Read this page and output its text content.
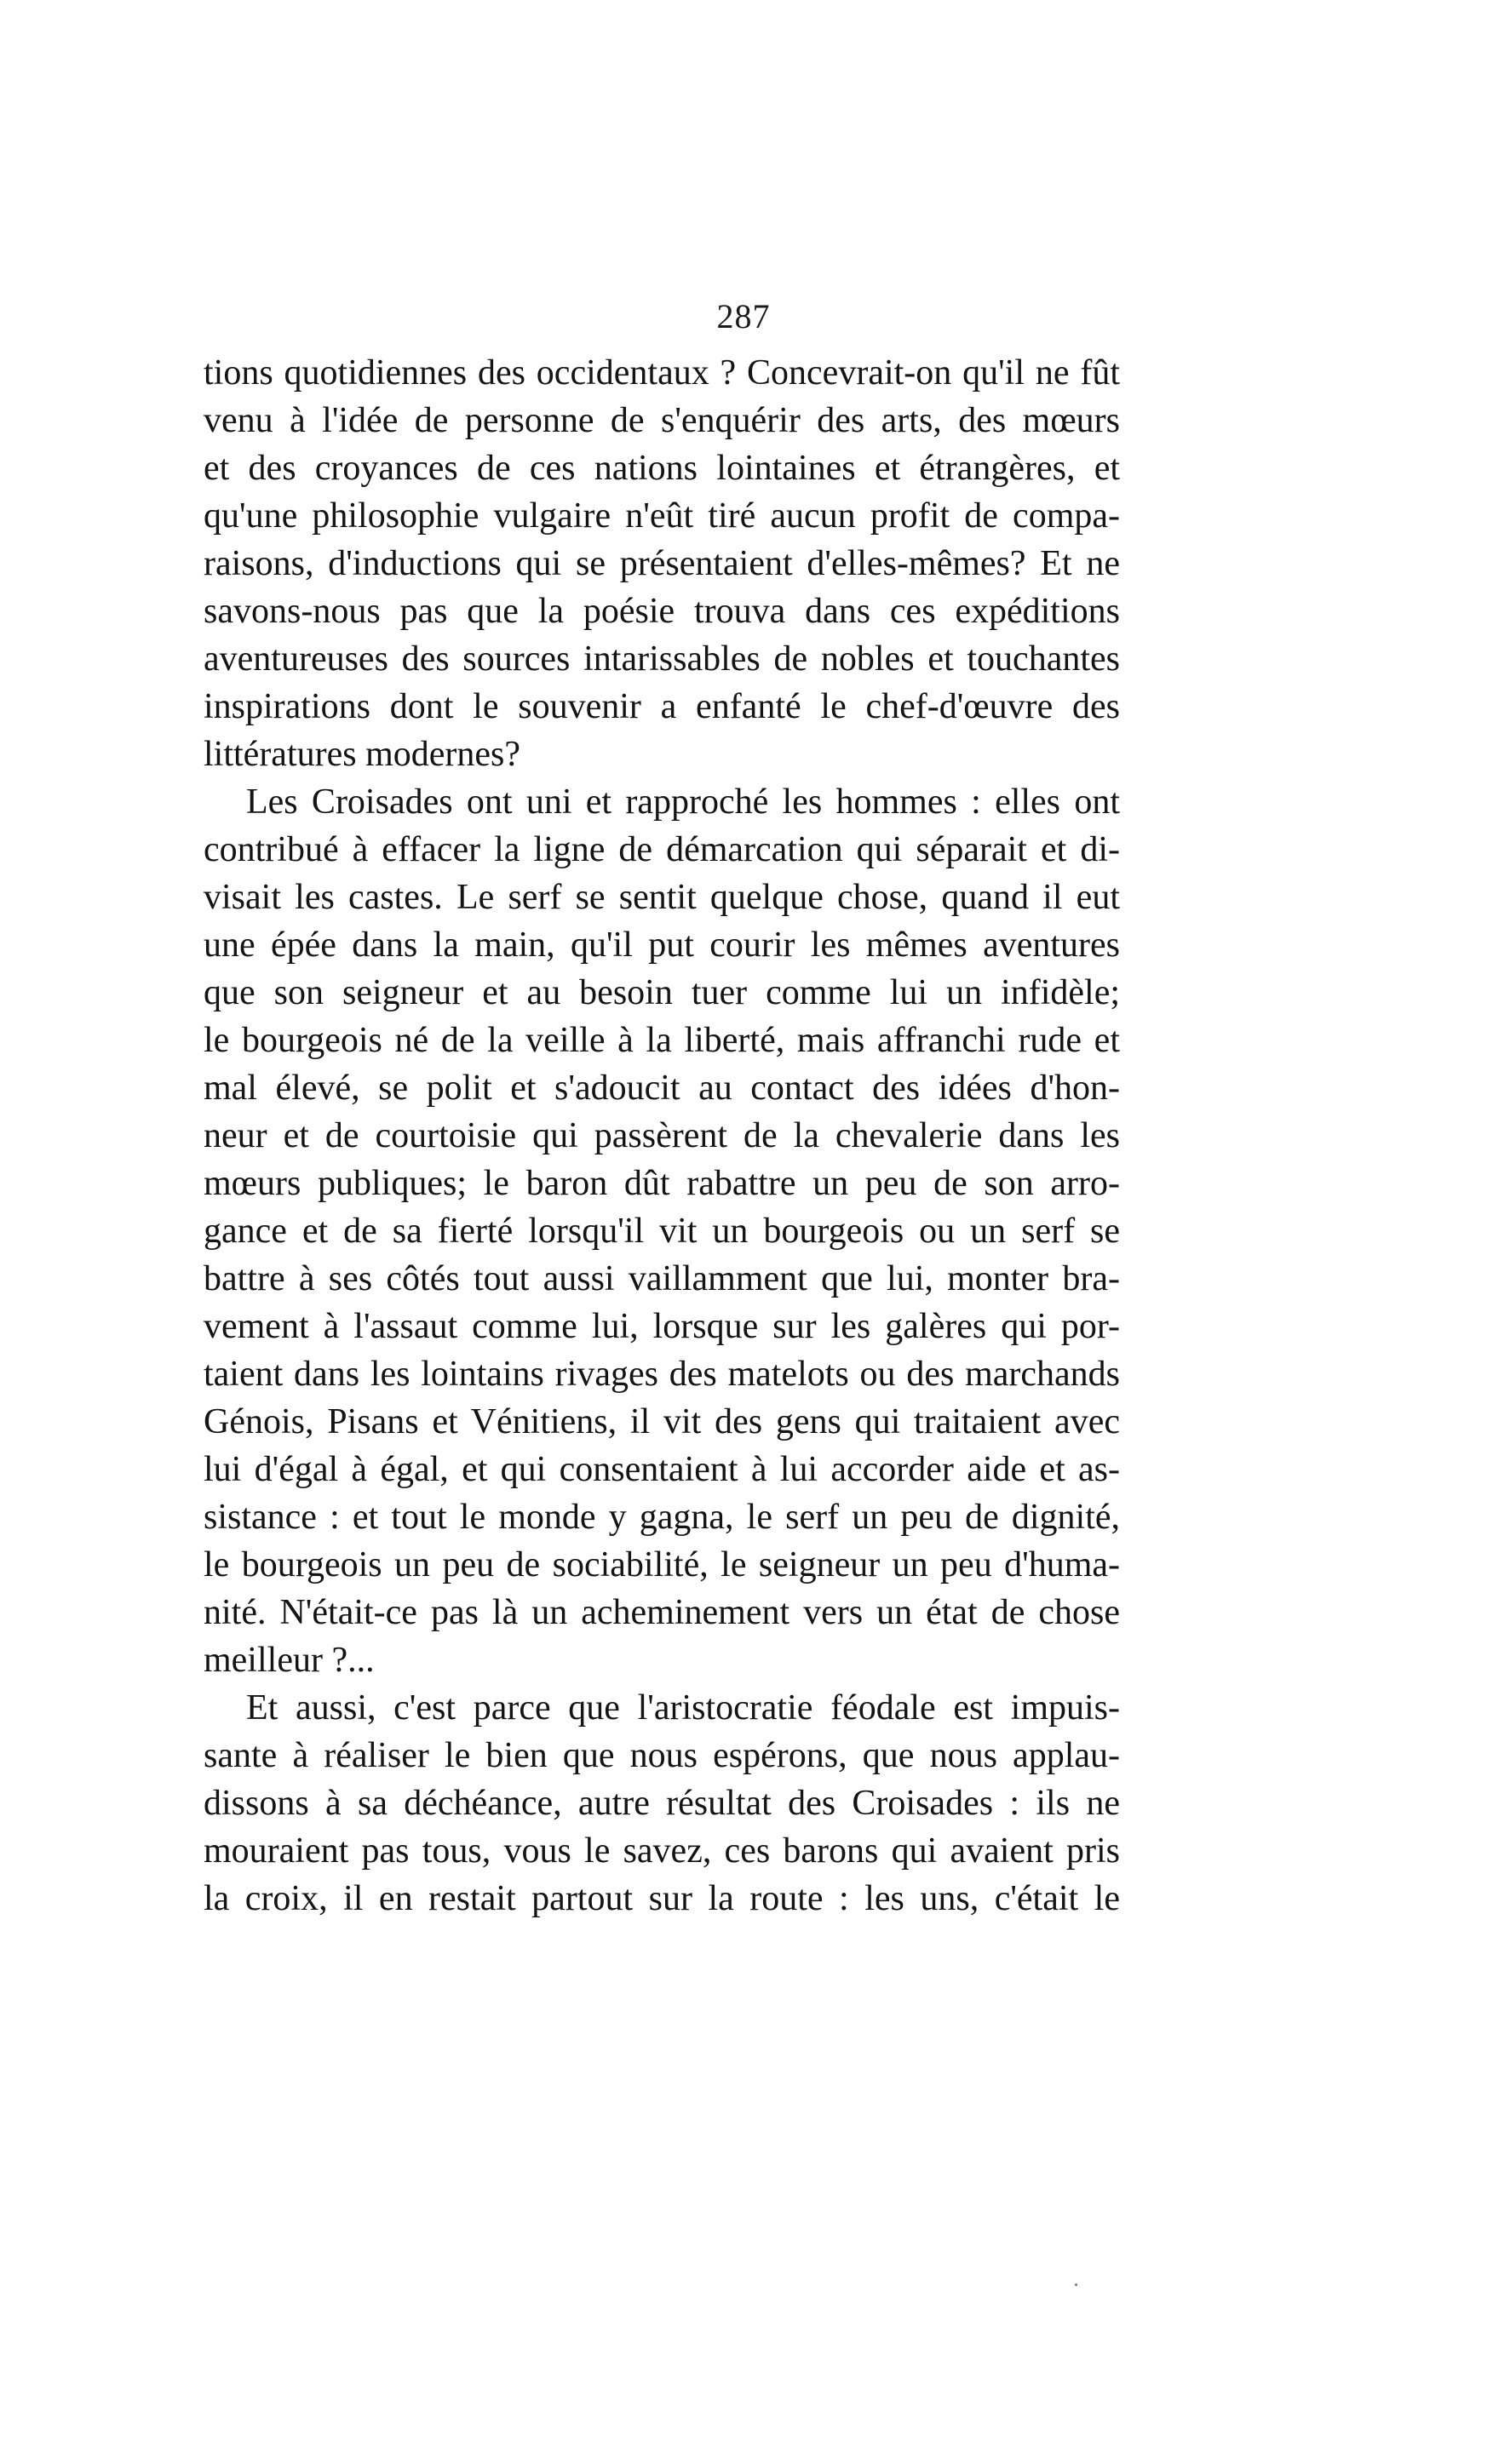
287
tions quotidiennes des occidentaux ? Concevrait-on qu'il ne fût
venu à l'idée de personne de s'enquérir des arts, des mœurs
et des croyances de ces nations lointaines et étrangères, et
qu'une philosophie vulgaire n'eût tiré aucun profit de compa-
raisons, d'inductions qui se présentaient d'elles-mêmes? Et ne
savons-nous pas que la poésie trouva dans ces expéditions
aventureuses des sources intarissables de nobles et touchantes
inspirations dont le souvenir a enfanté le chef-d'œuvre des
littératures modernes?
Les Croisades ont uni et rapproché les hommes : elles ont
contribué à effacer la ligne de démarcation qui séparait et di-
visait les castes. Le serf se sentit quelque chose, quand il eut
une épée dans la main, qu'il put courir les mêmes aventures
que son seigneur et au besoin tuer comme lui un infidèle;
le bourgeois né de la veille à la liberté, mais affranchi rude et
mal élevé, se polit et s'adoucit au contact des idées d'hon-
neur et de courtoisie qui passèrent de la chevalerie dans les
mœurs publiques; le baron dût rabattre un peu de son arro-
gance et de sa fierté lorsqu'il vit un bourgeois ou un serf se
battre à ses côtés tout aussi vaillamment que lui, monter bra-
vement à l'assaut comme lui, lorsque sur les galères qui por-
taient dans les lointains rivages des matelots ou des marchands
Génois, Pisans et Vénitiens, il vit des gens qui traitaient avec
lui d'égal à égal, et qui consentaient à lui accorder aide et as-
sistance : et tout le monde y gagna, le serf un peu de dignité,
le bourgeois un peu de sociabilité, le seigneur un peu d'huma-
nité. N'était-ce pas là un acheminement vers un état de chose
meilleur ?...
Et aussi, c'est parce que l'aristocratie féodale est impuis-
sante à réaliser le bien que nous espérons, que nous applau-
dissons à sa déchéance, autre résultat des Croisades : ils ne
mouraient pas tous, vous le savez, ces barons qui avaient pris
la croix, il en restait partout sur la route : les uns, c'était le
